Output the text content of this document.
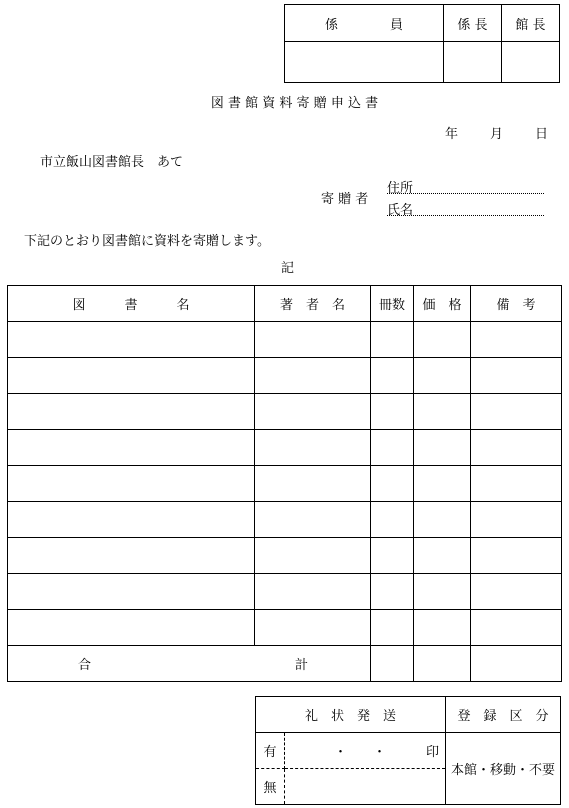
係　　　　員	係 長	館 長

図 書 館 資 料 寄 贈 申 込 書
年 月 日
市立飯山図書館長　あて
寄 贈 者
住所
氏名
下記のとおり図書館に資料を寄贈します。
記
図　　　書　　　名	著　者　名	冊数	価　格	備　考

合 計				

礼　状　発　送		登　録　区　分
有	・　　・ 印	本館・移動・不要
無		
